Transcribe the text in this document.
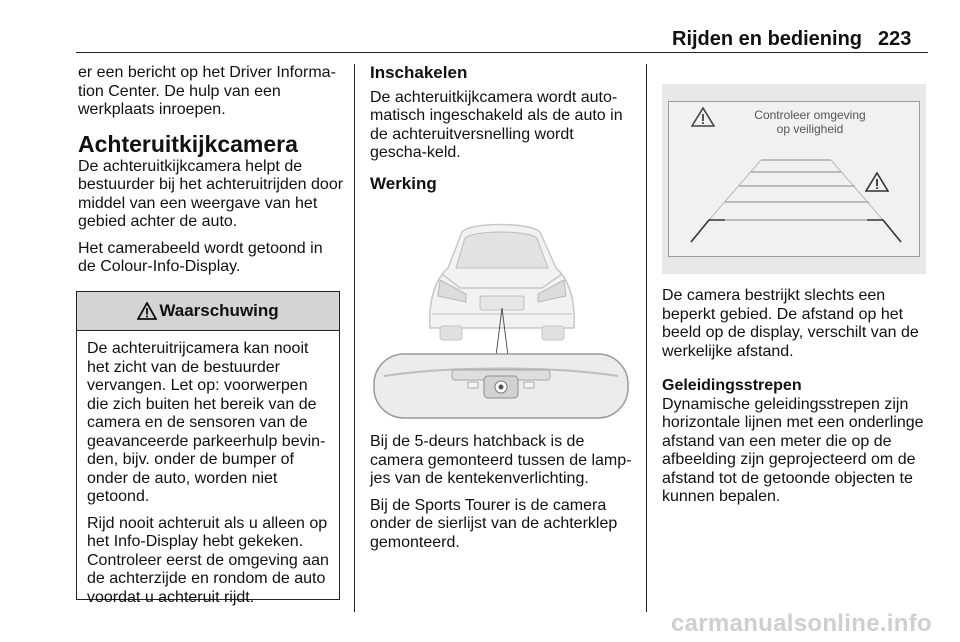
Rijden en bediening 223

er een bericht op het Driver Informa-tion Center. De hulp van een werkplaats inroepen.

Achteruitkijkcamera

De achteruitkijkcamera helpt de bestuurder bij het achteruitrijden door middel van een weergave van het gebied achter de auto.

Het camerabeeld wordt getoond in de Colour-Info-Display.

Waarschuwing

De achteruitrijcamera kan nooit het zicht van de bestuurder vervangen. Let op: voorwerpen die zich buiten het bereik van de camera en de sensoren van de geavanceerde parkeerhulp bevin-den, bijv. onder de bumper of onder de auto, worden niet getoond.

Rijd nooit achteruit als u alleen op het Info-Display hebt gekeken. Controleer eerst de omgeving aan de achterzijde en rondom de auto voordat u achteruit rijdt.

Inschakelen

De achteruitkijkcamera wordt auto-matisch ingeschakeld als de auto in de achteruitversnelling wordt gescha-keld.

Werking

Bij de 5-deurs hatchback is de camera gemonteerd tussen de lamp-jes van de kentekenverlichting.

Bij de Sports Tourer is de camera onder de sierlijst van de achterklep gemonteerd.

Controleer omgeving
op veiligheid

De camera bestrijkt slechts een beperkt gebied. De afstand op het beeld op de display, verschilt van de werkelijke afstand.

Geleidingsstrepen

Dynamische geleidingsstrepen zijn horizontale lijnen met een onderlinge afstand van een meter die op de afbeelding zijn geprojecteerd om de afstand tot de getoonde objecten te kunnen bepalen.

carmanualsonline.info
